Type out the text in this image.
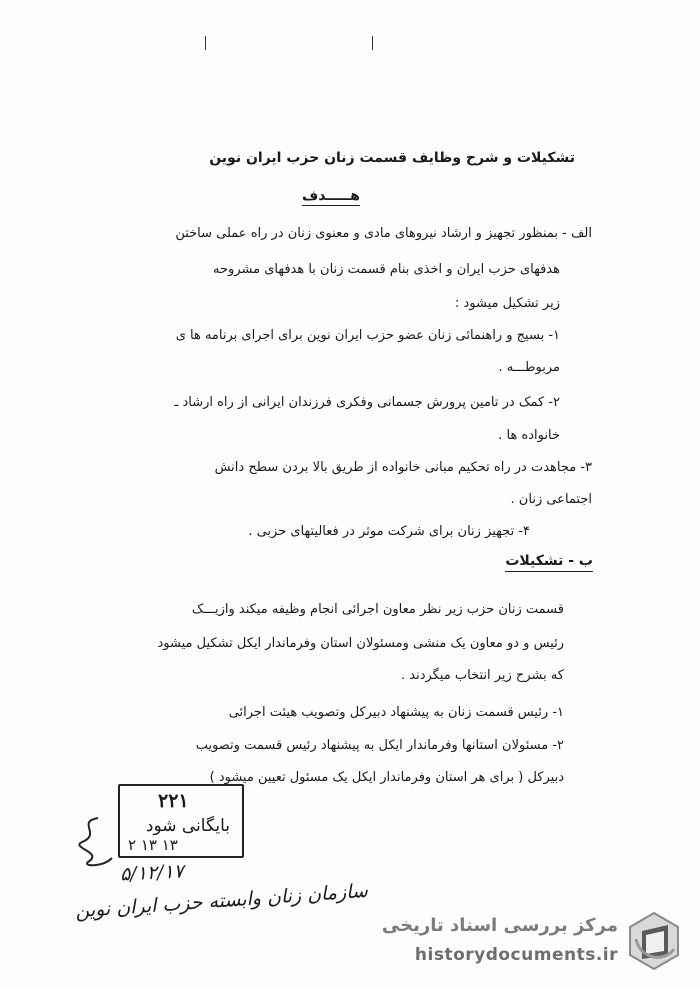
تشکیلات و شرح وظایف قسمت زنان حزب ایران نوین
هـــــدف
الف - بمنظور تجهیز و ارشاد نیروهای مادی و معنوی زنان در راه عملی ساختن
هدفهای حزب ایران و اخذی بنام قسمت زنان با هدفهای مشروحه
زیر تشکیل میشود :
۱- بسیج و راهنمائی زنان عضو حزب ایران نوین برای اجرای برنامه ها ی
مربوطـــه .
۲- کمک در تامین پرورش جسمانی وفکری فرزندان ایرانی از راه ارشاد ـ
خانواده ها .
۳- مجاهدت در راه تحکیم مبانی خانواده از طریق بالا بردن سطح دانش
اجتماعی زنان .
۴- تجهیز زنان برای شرکت موثر در فعالیتهای حزبی .
ب - تشکیلات
قسمت زنان حزب زیر نظر معاون اجرائی انجام وظیفه میکند وازیـــک
رئیس و دو معاون یک منشی ومسئولان استان وفرماندار ایکل تشکیل میشود
که بشرح زیر انتخاب میگردند .
۱- رئیس قسمت زنان به پیشنهاد دبیرکل وتصویب هیئت اجرائی
۲- مسئولان استانها وفرماندار ایکل به پیشنهاد رئیس قسمت وتصویب
دبیرکل ( برای هر استان وفرماندار ایکل یک مسئول تعیین میشود )
۲۲۱
بایگانی شود
۲ ۱۳ ۱۳
۵/۱۲/۱۷
سازمان زنان وابسته حزب ایران نوین
مرکز بررسی اسناد تاریخی
historydocuments.ir
